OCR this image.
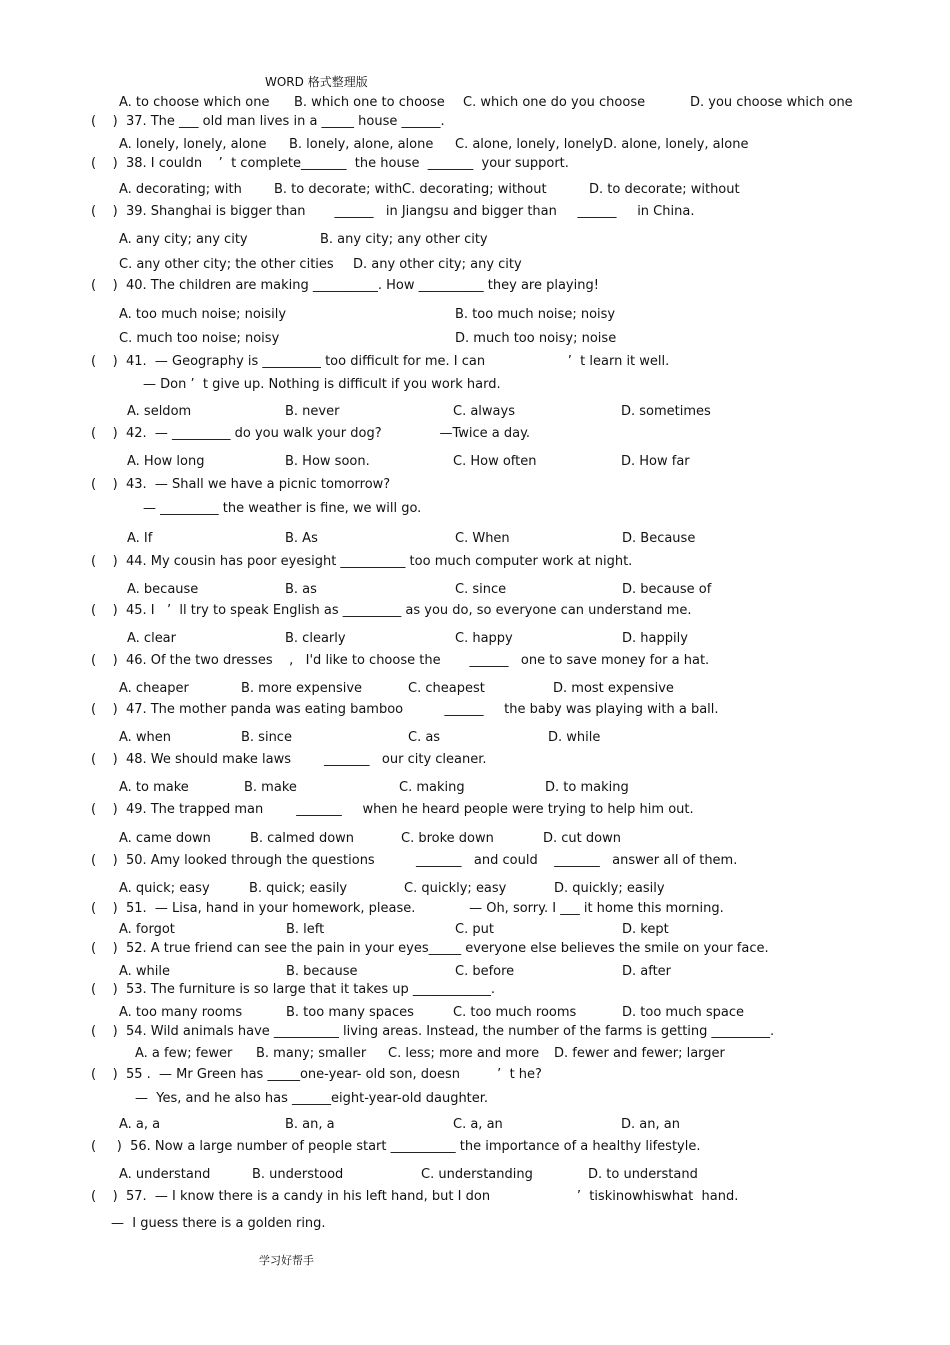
WORD 格式整理版
A. to choose which one B. which one to choose C. which one do you choose	D. you choose which one
(    )  37. The ___ old man lives in a _____ house ______.
A. lonely, lonely, alone B. lonely, alone, alone C. alone, lonely, lonely D. alone, lonely, alone
(    )  38. I couldn    ’  t complete_______  the house  _______  your support.
A. decorating; with B. to decorate; with C. decorating; without	D. to decorate; without
(    )  39. Shanghai is bigger than       ______   in Jiangsu and bigger than     ______     in China.
A. any city; any city	B. any city; any other city
C. any other city; the other cities D. any other city; any city
(    )  40. The children are making __________. How __________ they are playing!
A. too much noise; noisily	B. too much noise; noisy
C. much too noise; noisy	D. much too noisy; noise
(    )  41.  — Geography is _________ too difficult for me. I can                    ’  t learn it well.
— Don ’  t give up. Nothing is difficult if you work hard.
A. seldom	B. never	C. always	D. sometimes
(    )  42.  — _________ do you walk your dog?              —Twice a day.
A. How long	B. How soon.	C. How often	D. How far
(    )  43.  — Shall we have a picnic tomorrow?
— _________ the weather is fine, we will go.
A. If	B. As	C. When	D. Because
(    )  44. My cousin has poor eyesight __________ too much computer work at night.
A. because	B. as	C. since	D. because of
(    )  45. I   ’  ll try to speak English as _________ as you do, so everyone can understand me.
A. clear	B. clearly	C. happy	D. happily
(    )  46. Of the two dresses    ,   I'd like to choose the       ______   one to save money for a hat.
A. cheaper	B. more expensive	C. cheapest	D. most expensive
(    )  47. The mother panda was eating bamboo          ______     the baby was playing with a ball.
A. when	B. since	C. as	D. while
(    )  48. We should make laws        _______   our city cleaner.
A. to make	B. make	C. making	D. to making
(    )  49. The trapped man        _______     when he heard people were trying to help him out.
A. came down	B. calmed down	C. broke down	D. cut down
(    )  50. Amy looked through the questions          _______   and could    _______   answer all of them.
A. quick; easy	B. quick; easily	C. quickly; easy	D. quickly; easily
(    )  51.  — Lisa, hand in your homework, please.             — Oh, sorry. I ___ it home this morning.
A. forgot	B. left	C. put	D. kept
(    )  52. A true friend can see the pain in your eyes_____ everyone else believes the smile on your face.
A. while	B. because	C. before	D. after
(    )  53. The furniture is so large that it takes up ____________.
A. too many rooms	B. too many spaces	C. too much rooms	D. too much space
(    )  54. Wild animals have __________ living areas. Instead, the number of the farms is getting _________.
A. a few; fewer B. many; smaller C. less; more and more D. fewer and fewer; larger
(    )  55 .  — Mr Green has _____one-year- old son, doesn         ’  t he?
—  Yes, and he also has ______eight-year-old daughter.
A. a, a	B. an, a	C. a, an	D. an, an
(     )  56. Now a large number of people start __________ the importance of a healthy lifestyle.
A. understand	B. understood	C. understanding	D. to understand
(    )  57.  — I know there is a candy in his left hand, but I don                     ’  tiskinowhiswhat  hand.
—  I guess there is a golden ring.
学习好帮手
